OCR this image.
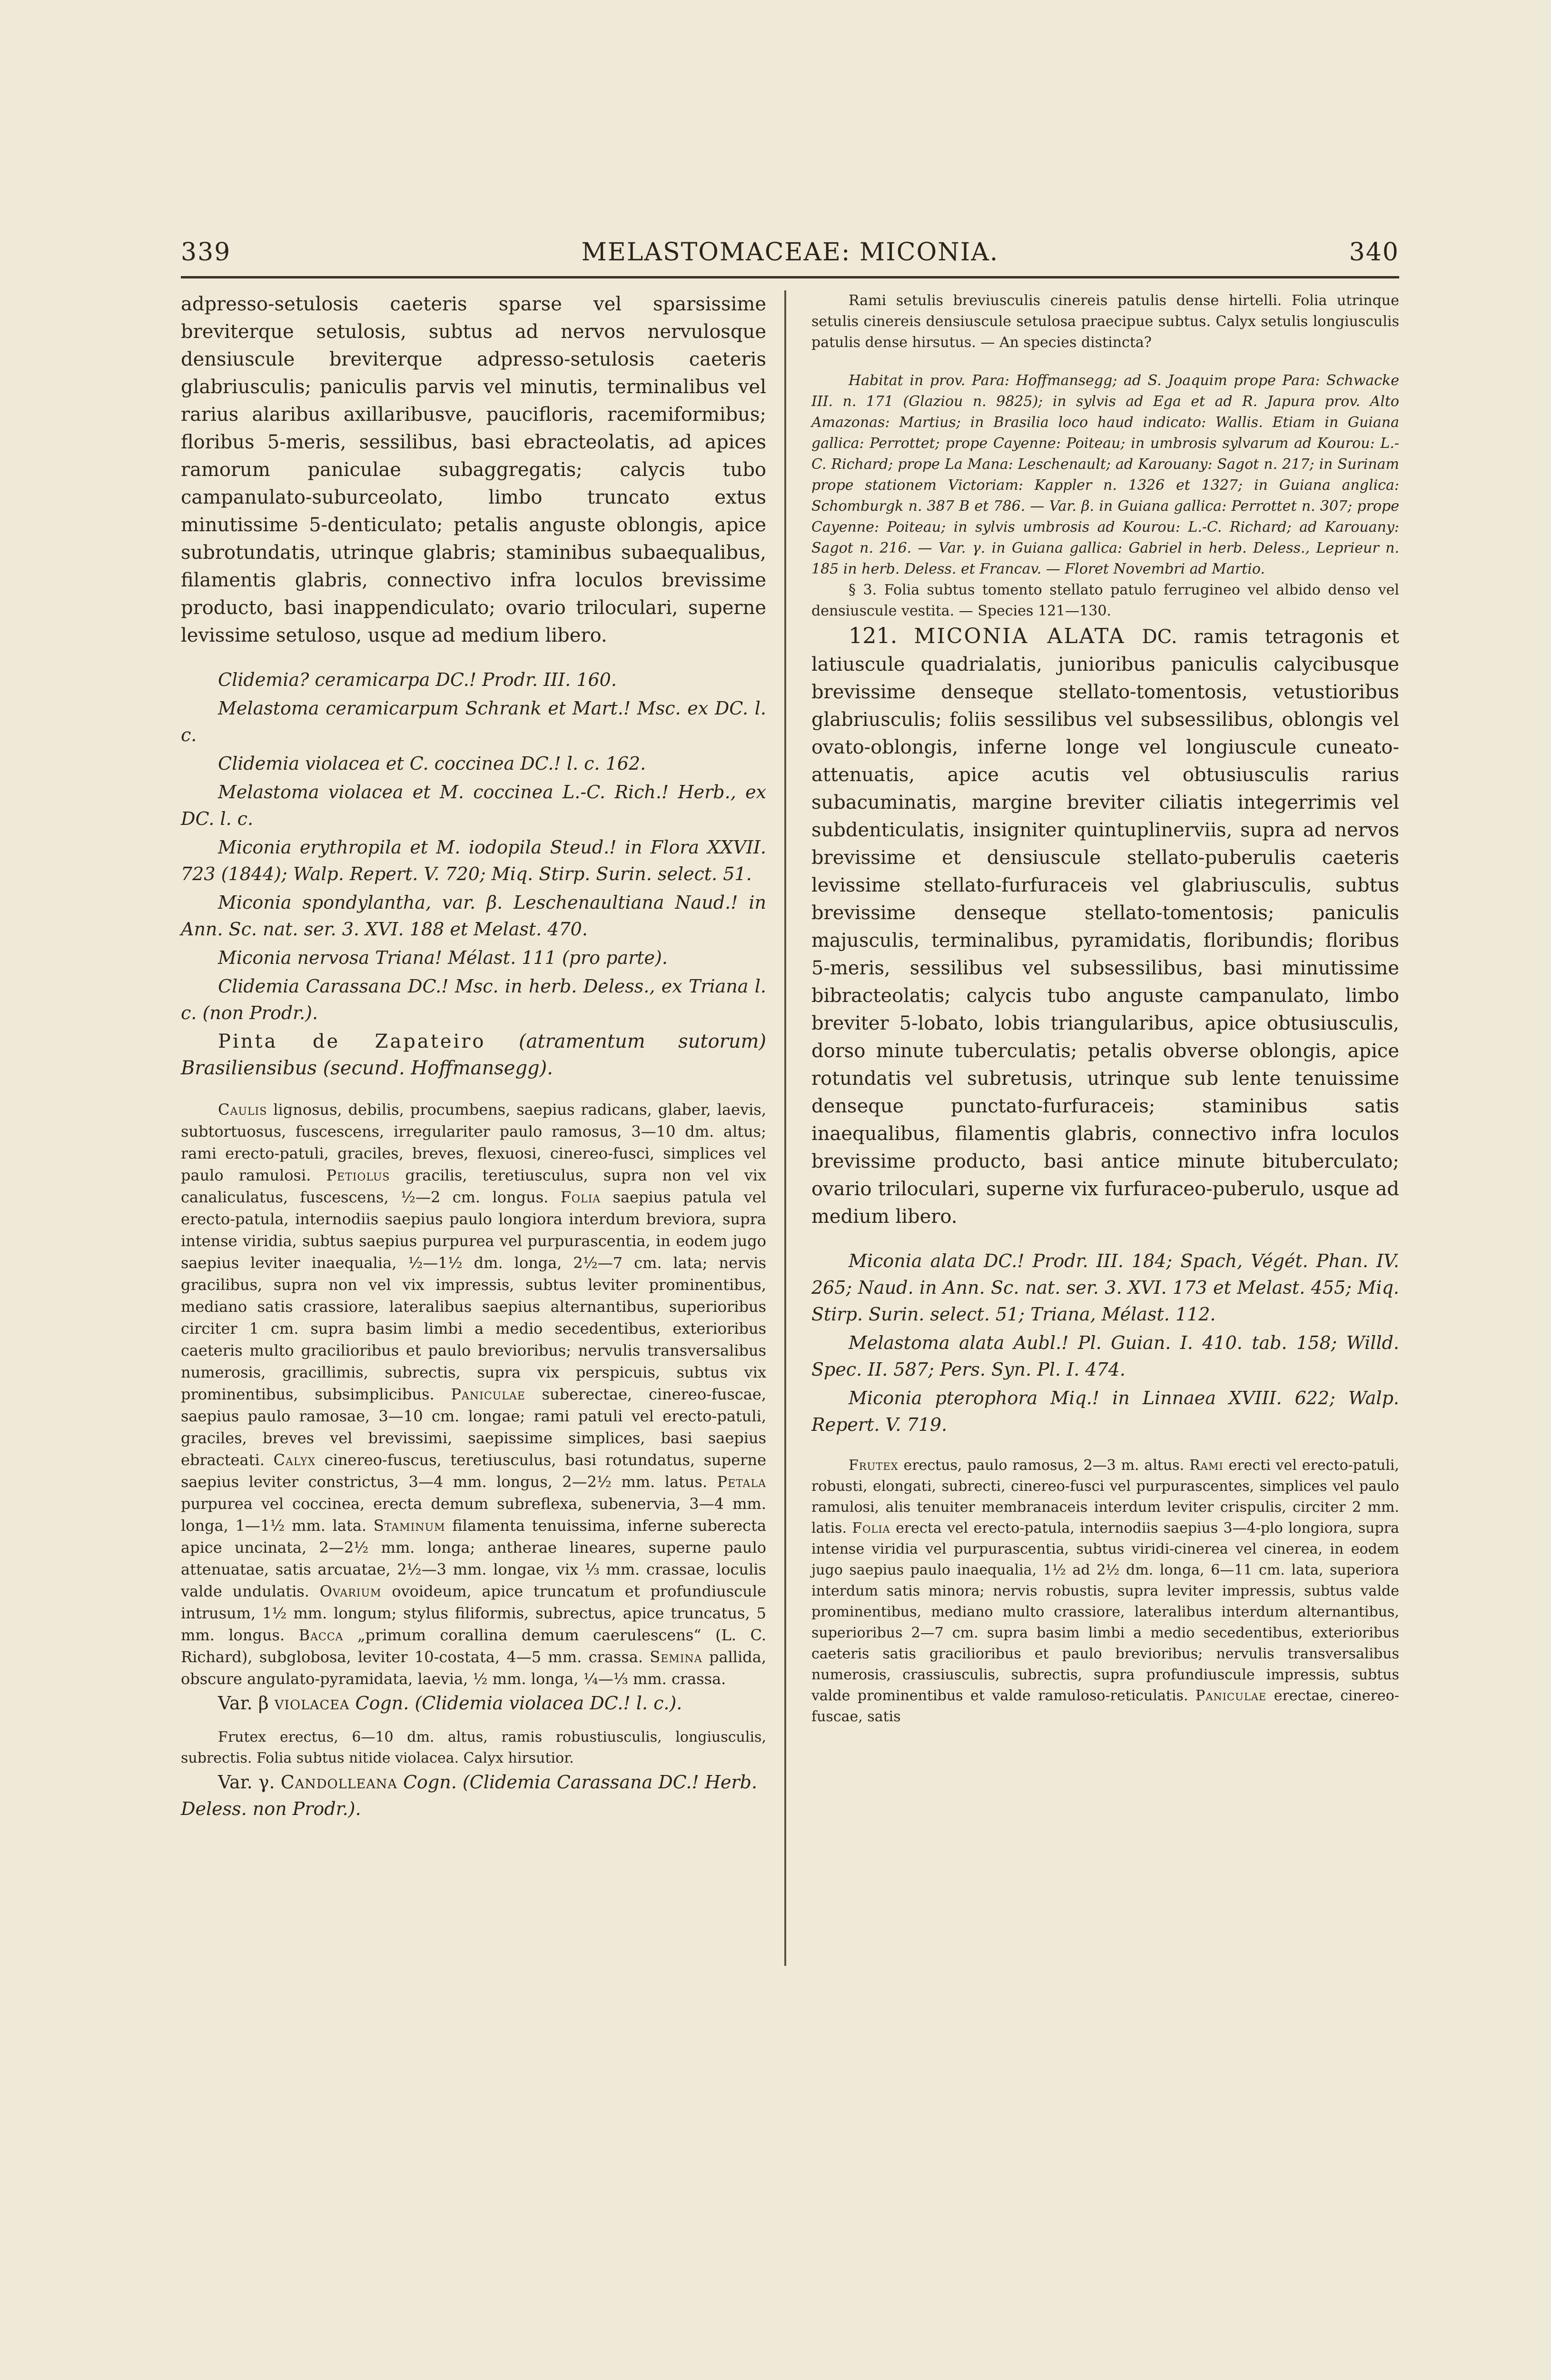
339	MELASTOMACEAE: MICONIA.	340

adpresso-setulosis caeteris sparse vel sparsissime breviterque setulosis, subtus ad nervos nervulosque densiuscule breviterque adpresso-setulosis caeteris glabriusculis; paniculis parvis vel minutis, terminalibus vel rarius alaribus axillaribusve, paucifloris, racemiformibus; floribus 5-meris, sessilibus, basi ebracteolatis, ad apices ramorum paniculae subaggregatis; calycis tubo campanulato-suburceolato, limbo truncato extus minutissime 5-denticulato; petalis anguste oblongis, apice subrotundatis, utrinque glabris; staminibus subaequalibus, filamentis glabris, connectivo infra loculos brevissime producto, basi inappendiculato; ovario triloculari, superne levissime setuloso, usque ad medium libero.

Clidemia? ceramicarpa DC.! Prodr. III. 160.

Melastoma ceramicarpum Schrank et Mart.! Msc. ex DC. l. c.

Clidemia violacea et C. coccinea DC.! l. c. 162.

Melastoma violacea et M. coccinea L.-C. Rich.! Herb., ex DC. l. c.

Miconia erythropila et M. iodopila Steud.! in Flora XXVII. 723 (1844); Walp. Repert. V. 720; Miq. Stirp. Surin. select. 51.

Miconia spondylantha, var. β. Leschenaultiana Naud.! in Ann. Sc. nat. ser. 3. XVI. 188 et Melast. 470.

Miconia nervosa Triana! Mélast. 111 (pro parte).

Clidemia Carassana DC.! Msc. in herb. Deless., ex Triana l. c. (non Prodr.).

Pinta de Zapateiro (atramentum sutorum) Brasiliensibus (secund. Hoffmansegg).

Caulis lignosus, debilis, procumbens, saepius radicans, glaber, laevis, subtortuosus, fuscescens, irregulariter paulo ramosus, 3—10 dm. altus; rami erecto-patuli, graciles, breves, flexuosi, cinereo-fusci, simplices vel paulo ramulosi. Petiolus gracilis, teretiusculus, supra non vel vix canaliculatus, fuscescens, ½—2 cm. longus. Folia saepius patula vel erecto-patula, internodiis saepius paulo longiora interdum breviora, supra intense viridia, subtus saepius purpurea vel purpurascentia, in eodem jugo saepius leviter inaequalia, ½—1½ dm. longa, 2½—7 cm. lata; nervis gracilibus, supra non vel vix impressis, subtus leviter prominentibus, mediano satis crassiore, lateralibus saepius alternantibus, superioribus circiter 1 cm. supra basim limbi a medio secedentibus, exterioribus caeteris multo gracilioribus et paulo brevioribus; nervulis transversalibus numerosis, gracillimis, subrectis, supra vix perspicuis, subtus vix prominentibus, subsimplicibus. Paniculae suberectae, cinereo-fuscae, saepius paulo ramosae, 3—10 cm. longae; rami patuli vel erecto-patuli, graciles, breves vel brevissimi, saepissime simplices, basi saepius ebracteati. Calyx cinereo-fuscus, teretiusculus, basi rotundatus, superne saepius leviter constrictus, 3—4 mm. longus, 2—2½ mm. latus. Petala purpurea vel coccinea, erecta demum subreflexa, subenervia, 3—4 mm. longa, 1—1½ mm. lata. Staminum filamenta tenuissima, inferne suberecta apice uncinata, 2—2½ mm. longa; antherae lineares, superne paulo attenuatae, satis arcuatae, 2½—3 mm. longae, vix ⅓ mm. crassae, loculis valde undulatis. Ovarium ovoideum, apice truncatum et profundiuscule intrusum, 1½ mm. longum; stylus filiformis, subrectus, apice truncatus, 5 mm. longus. Bacca „primum corallina demum caerulescens“ (L. C. Richard), subglobosa, leviter 10-costata, 4—5 mm. crassa. Semina pallida, obscure angulato-pyramidata, laevia, ½ mm. longa, ¼—⅓ mm. crassa.

Var. β violacea Cogn. (Clidemia violacea DC.! l. c.).

Frutex erectus, 6—10 dm. altus, ramis robustiusculis, longiusculis, subrectis. Folia subtus nitide violacea. Calyx hirsutior.

Var. γ. Candolleana Cogn. (Clidemia Carassana DC.! Herb. Deless. non Prodr.).

Rami setulis breviusculis cinereis patulis dense hirtelli. Folia utrinque setulis cinereis densiuscule setulosa praecipue subtus. Calyx setulis longiusculis patulis dense hirsutus. — An species distincta?

Habitat in prov. Para: Hoffmansegg; ad S. Joaquim prope Para: Schwacke III. n. 171 (Glaziou n. 9825); in sylvis ad Ega et ad R. Japura prov. Alto Amazonas: Martius; in Brasilia loco haud indicato: Wallis. Etiam in Guiana gallica: Perrottet; prope Cayenne: Poiteau; in umbrosis sylvarum ad Kourou: L.-C. Richard; prope La Mana: Leschenault; ad Karouany: Sagot n. 217; in Surinam prope stationem Victoriam: Kappler n. 1326 et 1327; in Guiana anglica: Schomburgk n. 387 B et 786. — Var. β. in Guiana gallica: Perrottet n. 307; prope Cayenne: Poiteau; in sylvis umbrosis ad Kourou: L.-C. Richard; ad Karouany: Sagot n. 216. — Var. γ. in Guiana gallica: Gabriel in herb. Deless., Leprieur n. 185 in herb. Deless. et Francav. — Floret Novembri ad Martio.

§ 3. Folia subtus tomento stellato patulo ferrugineo vel albido denso vel densiuscule vestita. — Species 121—130.

121. MICONIA ALATA DC. ramis tetragonis et latiuscule quadrialatis, junioribus paniculis calycibusque brevissime denseque stellato-tomentosis, vetustioribus glabriusculis; foliis sessilibus vel subsessilibus, oblongis vel ovato-oblongis, inferne longe vel longiuscule cuneato-attenuatis, apice acutis vel obtusiusculis rarius subacuminatis, margine breviter ciliatis integerrimis vel subdenticulatis, insigniter quintuplinerviis, supra ad nervos brevissime et densiuscule stellato-puberulis caeteris levissime stellato-furfuraceis vel glabriusculis, subtus brevissime denseque stellato-tomentosis; paniculis majusculis, terminalibus, pyramidatis, floribundis; floribus 5-meris, sessilibus vel subsessilibus, basi minutissime bibracteolatis; calycis tubo anguste campanulato, limbo breviter 5-lobato, lobis triangularibus, apice obtusiusculis, dorso minute tuberculatis; petalis obverse oblongis, apice rotundatis vel subretusis, utrinque sub lente tenuissime denseque punctato-furfuraceis; staminibus satis inaequalibus, filamentis glabris, connectivo infra loculos brevissime producto, basi antice minute bituberculato; ovario triloculari, superne vix furfuraceo-puberulo, usque ad medium libero.

Miconia alata DC.! Prodr. III. 184; Spach, Végét. Phan. IV. 265; Naud. in Ann. Sc. nat. ser. 3. XVI. 173 et Melast. 455; Miq. Stirp. Surin. select. 51; Triana, Mélast. 112.

Melastoma alata Aubl.! Pl. Guian. I. 410. tab. 158; Willd. Spec. II. 587; Pers. Syn. Pl. I. 474.

Miconia pterophora Miq.! in Linnaea XVIII. 622; Walp. Repert. V. 719.

Frutex erectus, paulo ramosus, 2—3 m. altus. Rami erecti vel erecto-patuli, robusti, elongati, subrecti, cinereo-fusci vel purpurascentes, simplices vel paulo ramulosi, alis tenuiter membranaceis interdum leviter crispulis, circiter 2 mm. latis. Folia erecta vel erecto-patula, internodiis saepius 3—4-plo longiora, supra intense viridia vel purpurascentia, subtus viridi-cinerea vel cinerea, in eodem jugo saepius paulo inaequalia, 1½ ad 2½ dm. longa, 6—11 cm. lata, superiora interdum satis minora; nervis robustis, supra leviter impressis, subtus valde prominentibus, mediano multo crassiore, lateralibus interdum alternantibus, superioribus 2—7 cm. supra basim limbi a medio secedentibus, exterioribus caeteris satis gracilioribus et paulo brevioribus; nervulis transversalibus numerosis, crassiusculis, subrectis, supra profundiuscule impressis, subtus valde prominentibus et valde ramuloso-reticulatis. Paniculae erectae, cinereo-fuscae, satis
